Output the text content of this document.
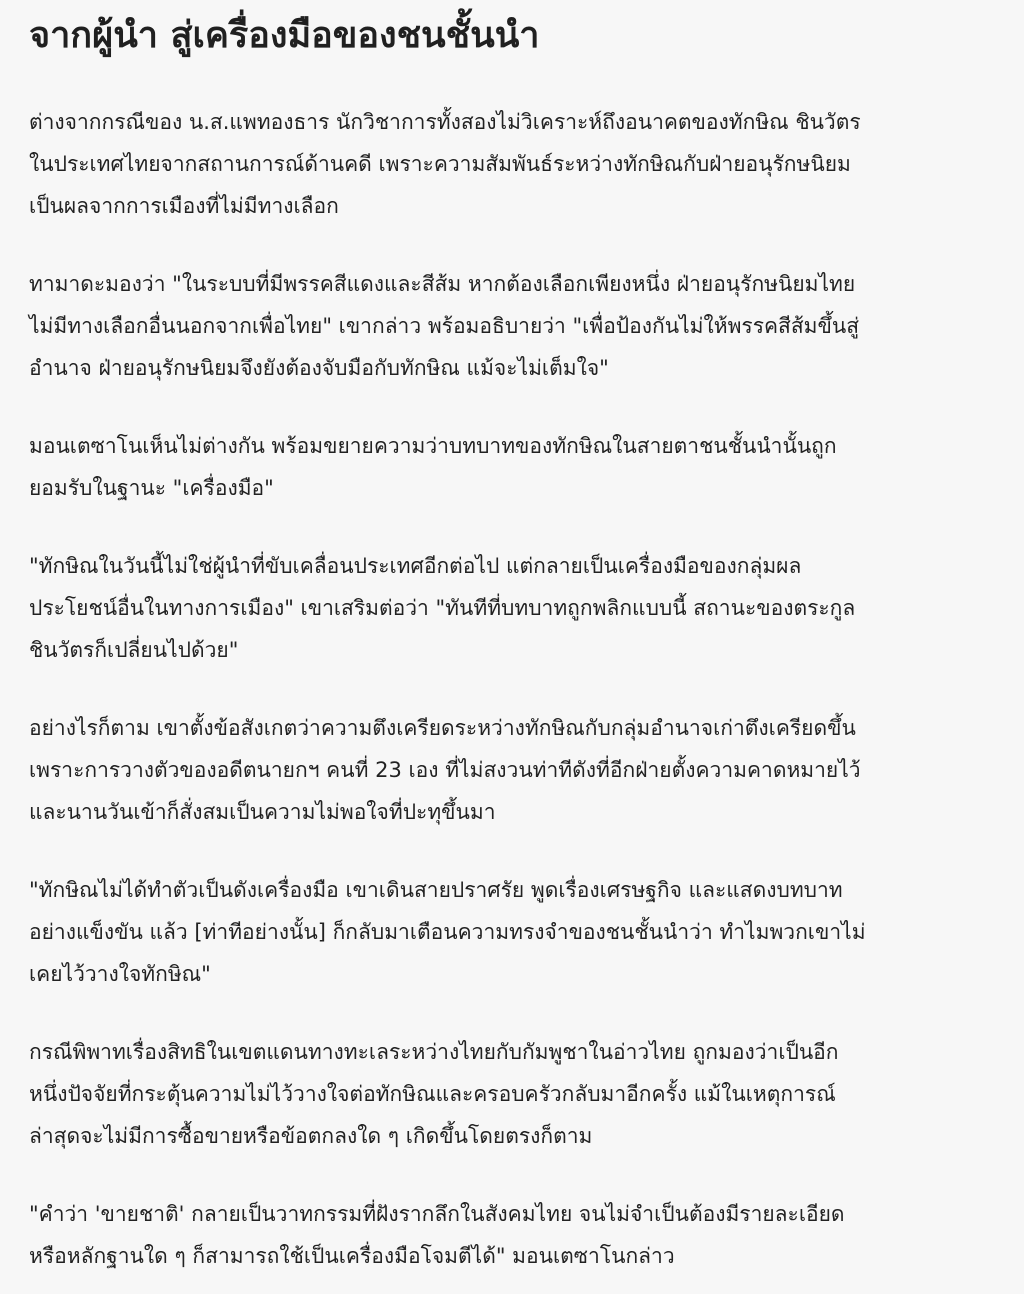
จากผู้นำ สู่เครื่องมือของชนชั้นนำ

ต่างจากกรณีของ น.ส.แพทองธาร นักวิชาการทั้งสองไม่วิเคราะห์ถึงอนาคตของทักษิณ ชินวัตร
ในประเทศไทยจากสถานการณ์ด้านคดี เพราะความสัมพันธ์ระหว่างทักษิณกับฝ่ายอนุรักษนิยม
เป็นผลจากการเมืองที่ไม่มีทางเลือก

ทามาดะมองว่า "ในระบบที่มีพรรคสีแดงและสีส้ม หากต้องเลือกเพียงหนึ่ง ฝ่ายอนุรักษนิยมไทย
ไม่มีทางเลือกอื่นนอกจากเพื่อไทย" เขากล่าว พร้อมอธิบายว่า "เพื่อป้องกันไม่ให้พรรคสีส้มขึ้นสู่
อำนาจ ฝ่ายอนุรักษนิยมจึงยังต้องจับมือกับทักษิณ แม้จะไม่เต็มใจ"

มอนเตซาโนเห็นไม่ต่างกัน พร้อมขยายความว่าบทบาทของทักษิณในสายตาชนชั้นนำนั้นถูก
ยอมรับในฐานะ "เครื่องมือ"

"ทักษิณในวันนี้ไม่ใช่ผู้นำที่ขับเคลื่อนประเทศอีกต่อไป แต่กลายเป็นเครื่องมือของกลุ่มผล
ประโยชน์อื่นในทางการเมือง" เขาเสริมต่อว่า "ทันทีที่บทบาทถูกพลิกแบบนี้ สถานะของตระกูล
ชินวัตรก็เปลี่ยนไปด้วย"

อย่างไรก็ตาม เขาตั้งข้อสังเกตว่าความตึงเครียดระหว่างทักษิณกับกลุ่มอำนาจเก่าตึงเครียดขึ้น
เพราะการวางตัวของอดีตนายกฯ คนที่ 23 เอง ที่ไม่สงวนท่าทีดังที่อีกฝ่ายตั้งความคาดหมายไว้
และนานวันเข้าก็สั่งสมเป็นความไม่พอใจที่ปะทุขึ้นมา

"ทักษิณไม่ได้ทำตัวเป็นดังเครื่องมือ เขาเดินสายปราศรัย พูดเรื่องเศรษฐกิจ และแสดงบทบาท
อย่างแข็งขัน แล้ว [ท่าทีอย่างนั้น] ก็กลับมาเตือนความทรงจำของชนชั้นนำว่า ทำไมพวกเขาไม่
เคยไว้วางใจทักษิณ"

กรณีพิพาทเรื่องสิทธิในเขตแดนทางทะเลระหว่างไทยกับกัมพูชาในอ่าวไทย ถูกมองว่าเป็นอีก
หนึ่งปัจจัยที่กระตุ้นความไม่ไว้วางใจต่อทักษิณและครอบครัวกลับมาอีกครั้ง แม้ในเหตุการณ์
ล่าสุดจะไม่มีการซื้อขายหรือข้อตกลงใด ๆ เกิดขึ้นโดยตรงก็ตาม

"คำว่า 'ขายชาติ' กลายเป็นวาทกรรมที่ฝังรากลึกในสังคมไทย จนไม่จำเป็นต้องมีรายละเอียด
หรือหลักฐานใด ๆ ก็สามารถใช้เป็นเครื่องมือโจมตีได้" มอนเตซาโนกล่าว
